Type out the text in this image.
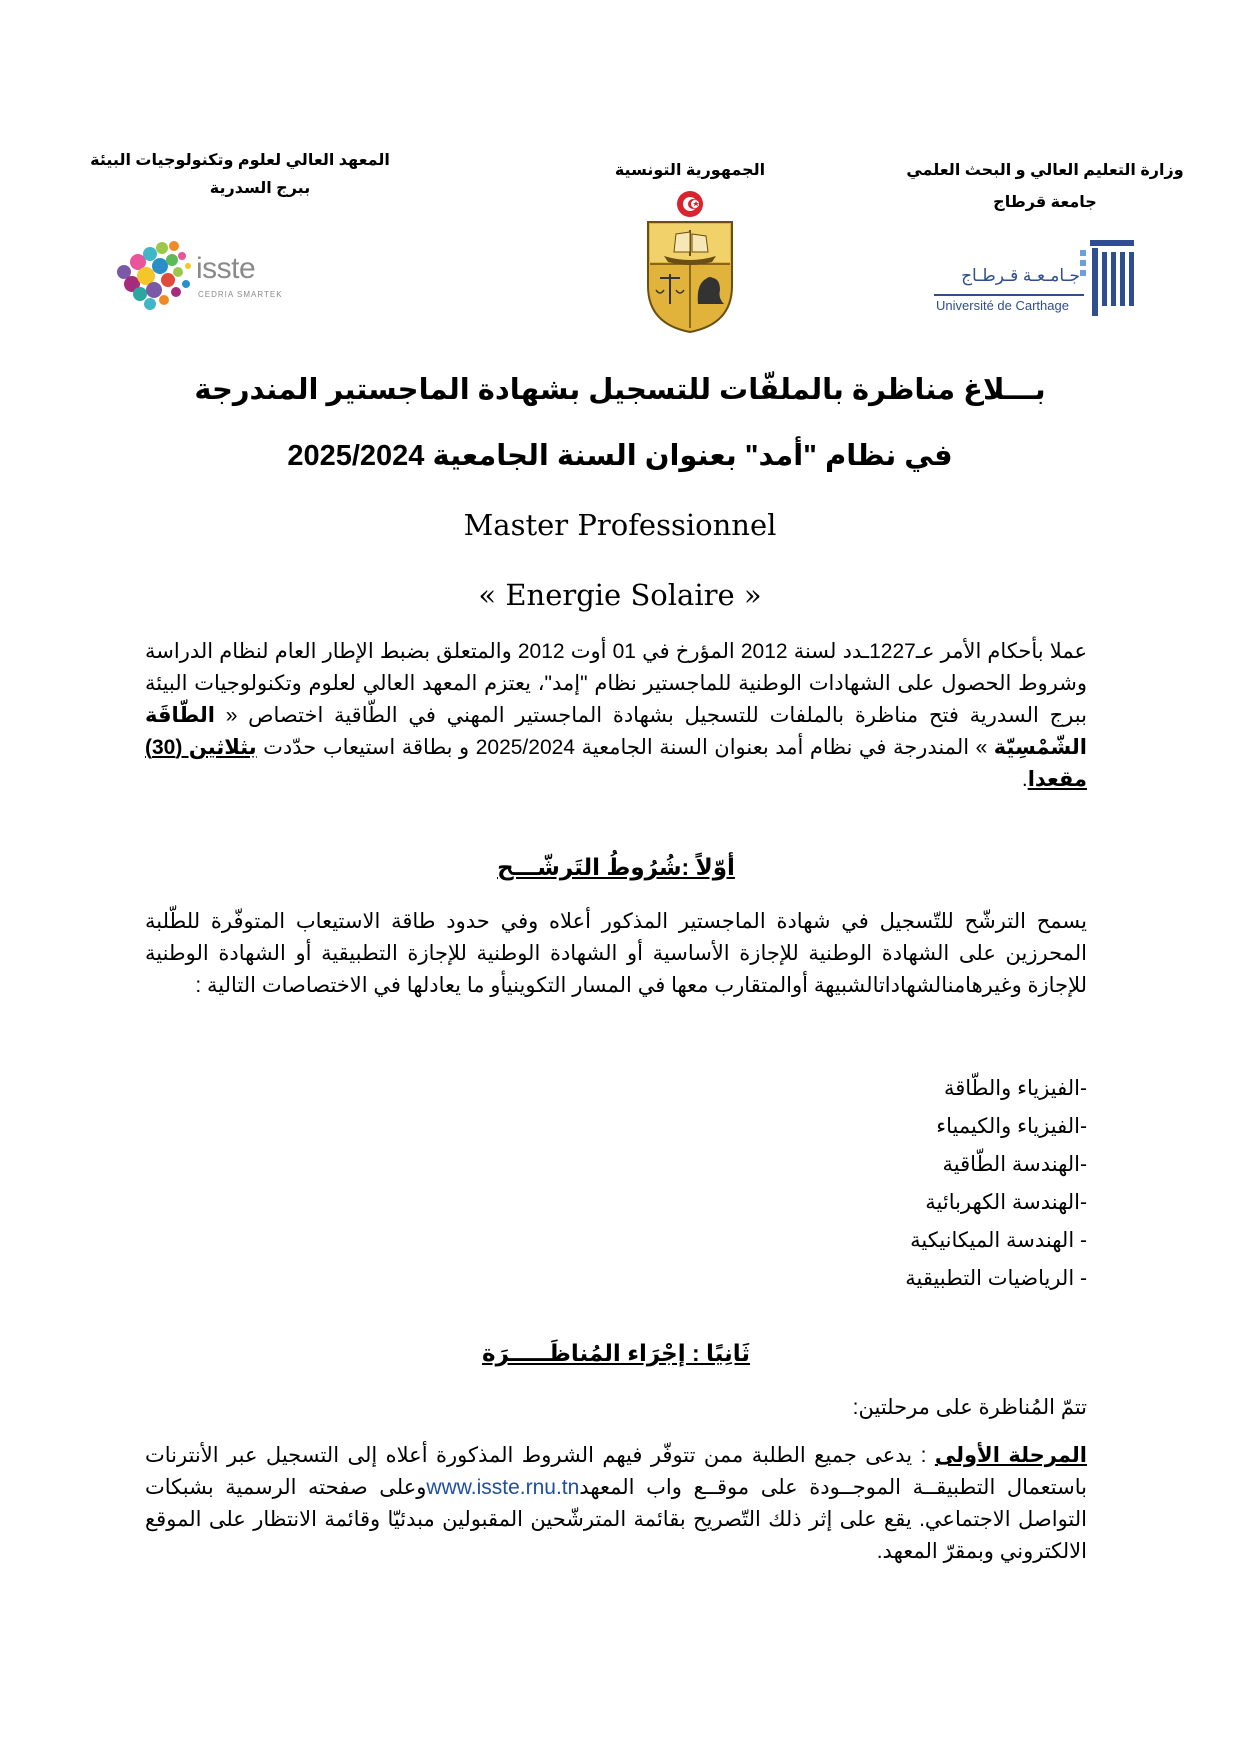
وزارة التعليم العالي و البحث العلمي
جامعة قرطاج
الجمهورية التونسية
المعهد العالي لعلوم وتكنولوجيات البيئة
ببرج السدرية
isste
CEDRIA SMARTEK
جـامـعـة قـرطـاج
Université de Carthage
بـــلاغ مناظرة بالملفّات للتسجيل بشهادة الماجستير المندرجة
في نظام "أمد" بعنوان السنة الجامعية 2025/2024
Master Professionnel
« Energie Solaire »
عملا بأحكام الأمر عـ1227ـدد لسنة 2012 المؤرخ في 01 أوت 2012 والمتعلق بضبط الإطار العام لنظام الدراسة وشروط الحصول على الشهادات الوطنية للماجستير نظام "إمد"، يعتزم المعهد العالي لعلوم وتكنولوجيات البيئة ببرج السدرية فتح مناظرة بالملفات للتسجيل بشهادة الماجستير المهني في الطّاقية اختصاص « الطّاقَة الشّمْسِيّة » المندرجة في نظام أمد بعنوان السنة الجامعية 2025/2024 و بطاقة استيعاب حدّدت بثلاثين (30) مقعدا.
أوّلاً :شُرُوطُ التَرشّـــح
يسمح الترشّح للتّسجيل في شهادة الماجستير المذكور أعلاه وفي حدود طاقة الاستيعاب المتوفّرة للطّلبة المحرزين على الشهادة الوطنية للإجازة الأساسية أو الشهادة الوطنية للإجازة التطبيقية أو الشهادة الوطنية للإجازة وغيرهامنالشهاداتالشبيهة أوالمتقارب معها في المسار التكوينيأو ما يعادلها في الاختصاصات التالية :
-الفيزياء والطّاقة
-الفيزياء والكيمياء
-الهندسة الطّاقية
-الهندسة الكهربائية
- الهندسة الميكانيكية
- الرياضيات التطبيقية
ثَانِيًا : إجْرَاء المُناظَـــــرَة
تتمّ المُناظرة على مرحلتين:
المرحلة الأولى : يدعى جميع الطلبة ممن تتوفّر فيهم الشروط المذكورة أعلاه إلى التسجيل عبر الأنترنات باستعمال التطبيقــة الموجــودة على موقــع واب المعهدwww.isste.rnu.tnوعلى صفحته الرسمية بشبكات التواصل الاجتماعي. يقع على إثر ذلك التّصريح بقائمة المترشّحين المقبولين مبدئيّا وقائمة الانتظار على الموقع الالكتروني وبمقرّ المعهد.
